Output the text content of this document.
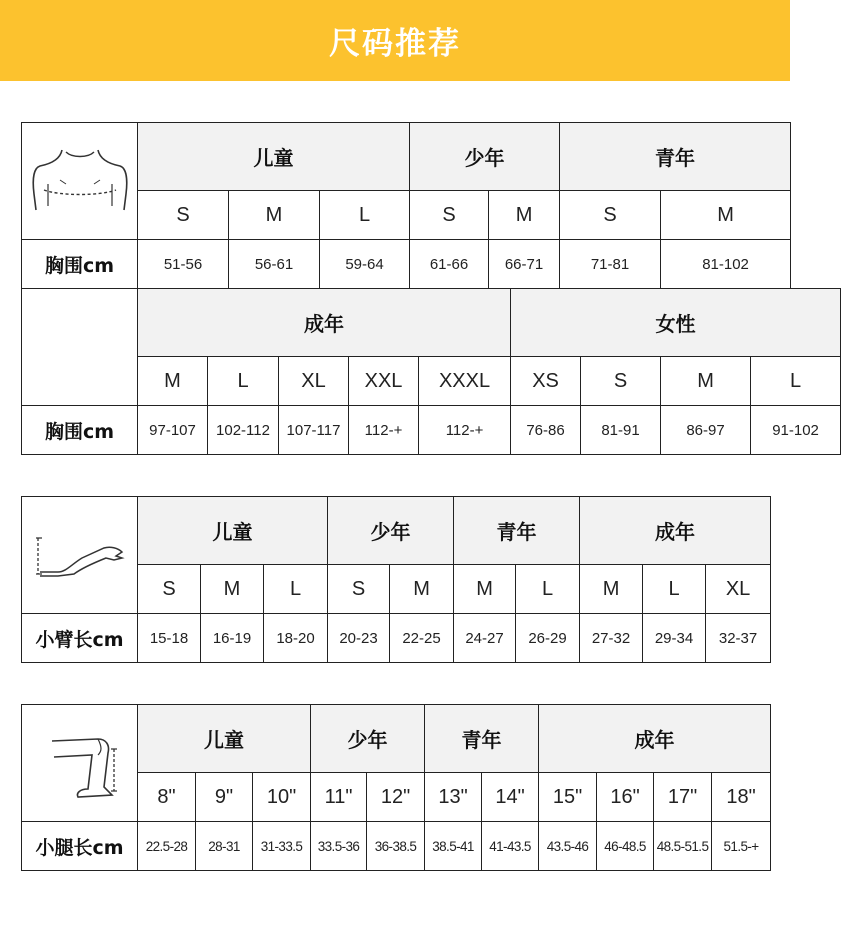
尺码推荐
	儿童						少年				青年			
	S		M		L		S		M		S		M	
胸围cm	51-56		56-61		59-64		61-66		66-71		71-81		81-102	
	成年									女性				
	M	L		XL		XXL		XXXL		XS		S	M	L
胸围cm	97-107	102-112		107-117		112-+		112-+		76-86		81-91	86-97	91-102
	儿童			少年		青年		成年		
	S	M	L	S	M	M	L	M	L	XL
小臂长cm	15-18	16-19	18-20	20-23	22-25	24-27	26-29	27-32	29-34	32-37
	儿童			少年		青年		成年			
	8"	9"	10"	11"	12"	13"	14"	15"	16"	17"	18"
小腿长cm	22.5-28	28-31	31-33.5	33.5-36	36-38.5	38.5-41	41-43.5	43.5-46	46-48.5	48.5-51.5	51.5-+
